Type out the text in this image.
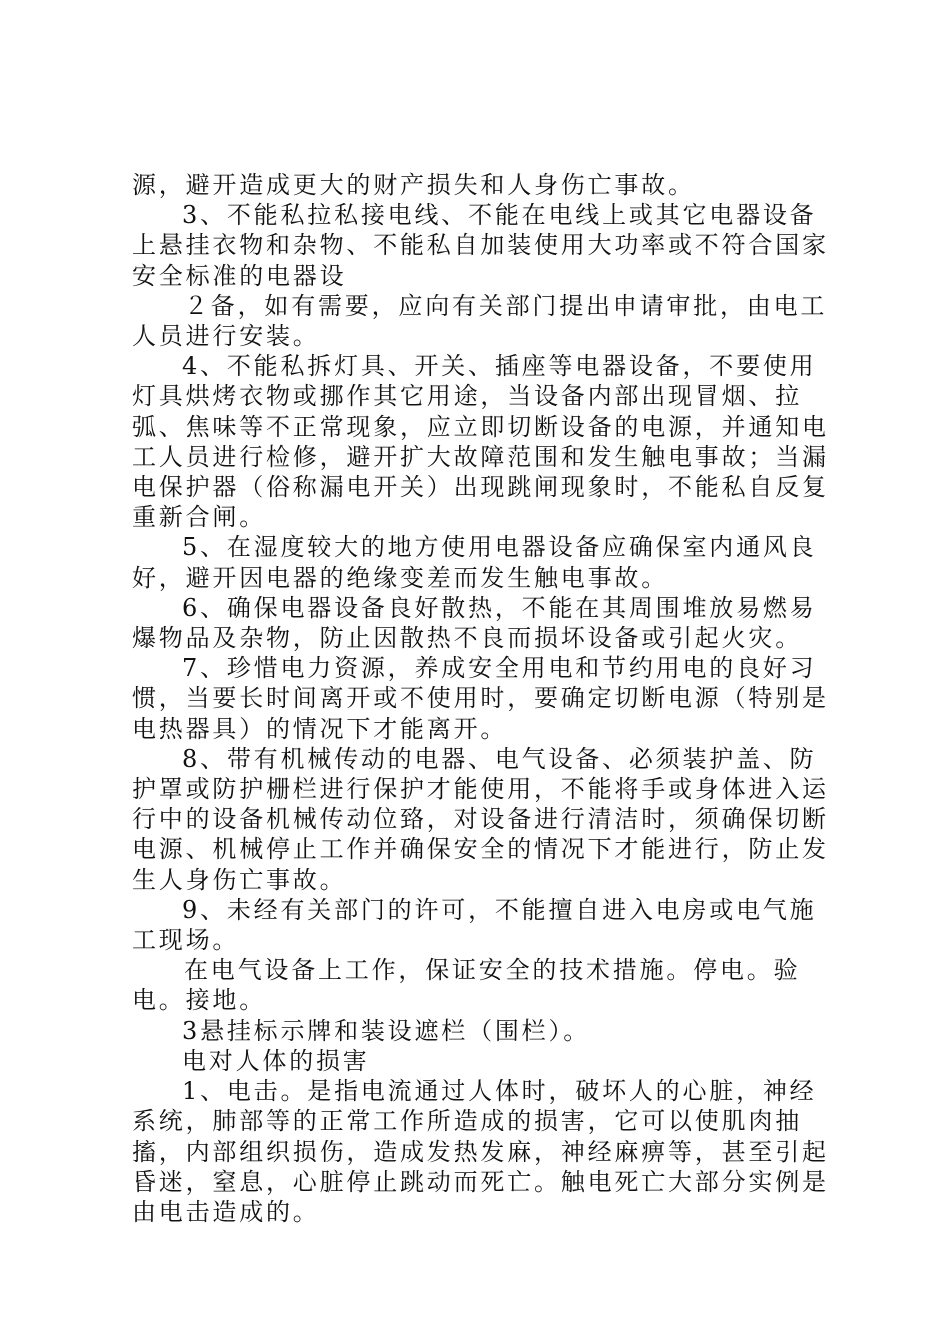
源，避开造成更大的财产损失和人身伤亡事故。

3、不能私拉私接电线、不能在电线上或其它电器设备上悬挂衣物和杂物、不能私自加装使用大功率或不符合国家安全标准的电器设

２备，如有需要，应向有关部门提出申请审批，由电工人员进行安装。

4、不能私拆灯具、开关、插座等电器设备，不要使用灯具烘烤衣物或挪作其它用途，当设备内部出现冒烟、拉弧、焦味等不正常现象，应立即切断设备的电源，并通知电工人员进行检修，避开扩大故障范围和发生触电事故；当漏电保护器（俗称漏电开关）出现跳闸现象时，不能私自反复重新合闸。

5、在湿度较大的地方使用电器设备应确保室内通风良好，避开因电器的绝缘变差而发生触电事故。

6、确保电器设备良好散热，不能在其周围堆放易燃易爆物品及杂物，防止因散热不良而损坏设备或引起火灾。

7、珍惜电力资源，养成安全用电和节约用电的良好习惯，当要长时间离开或不使用时，要确定切断电源（特别是电热器具）的情况下才能离开。

8、带有机械传动的电器、电气设备、必须装护盖、防护罩或防护栅栏进行保护才能使用，不能将手或身体进入运行中的设备机械传动位臵，对设备进行清洁时，须确保切断电源、机械停止工作并确保安全的情况下才能进行，防止发生人身伤亡事故。

9、未经有关部门的许可，不能擅自进入电房或电气施工现场。

在电气设备上工作，保证安全的技术措施。停电。验电。接地。

3悬挂标示牌和装设遮栏（围栏）。

电对人体的损害

1、电击。是指电流通过人体时，破坏人的心脏，神经系统，肺部等的正常工作所造成的损害，它可以使肌肉抽搐，内部组织损伤，造成发热发麻，神经麻痹等，甚至引起昏迷，窒息，心脏停止跳动而死亡。触电死亡大部分实例是由电击造成的。
